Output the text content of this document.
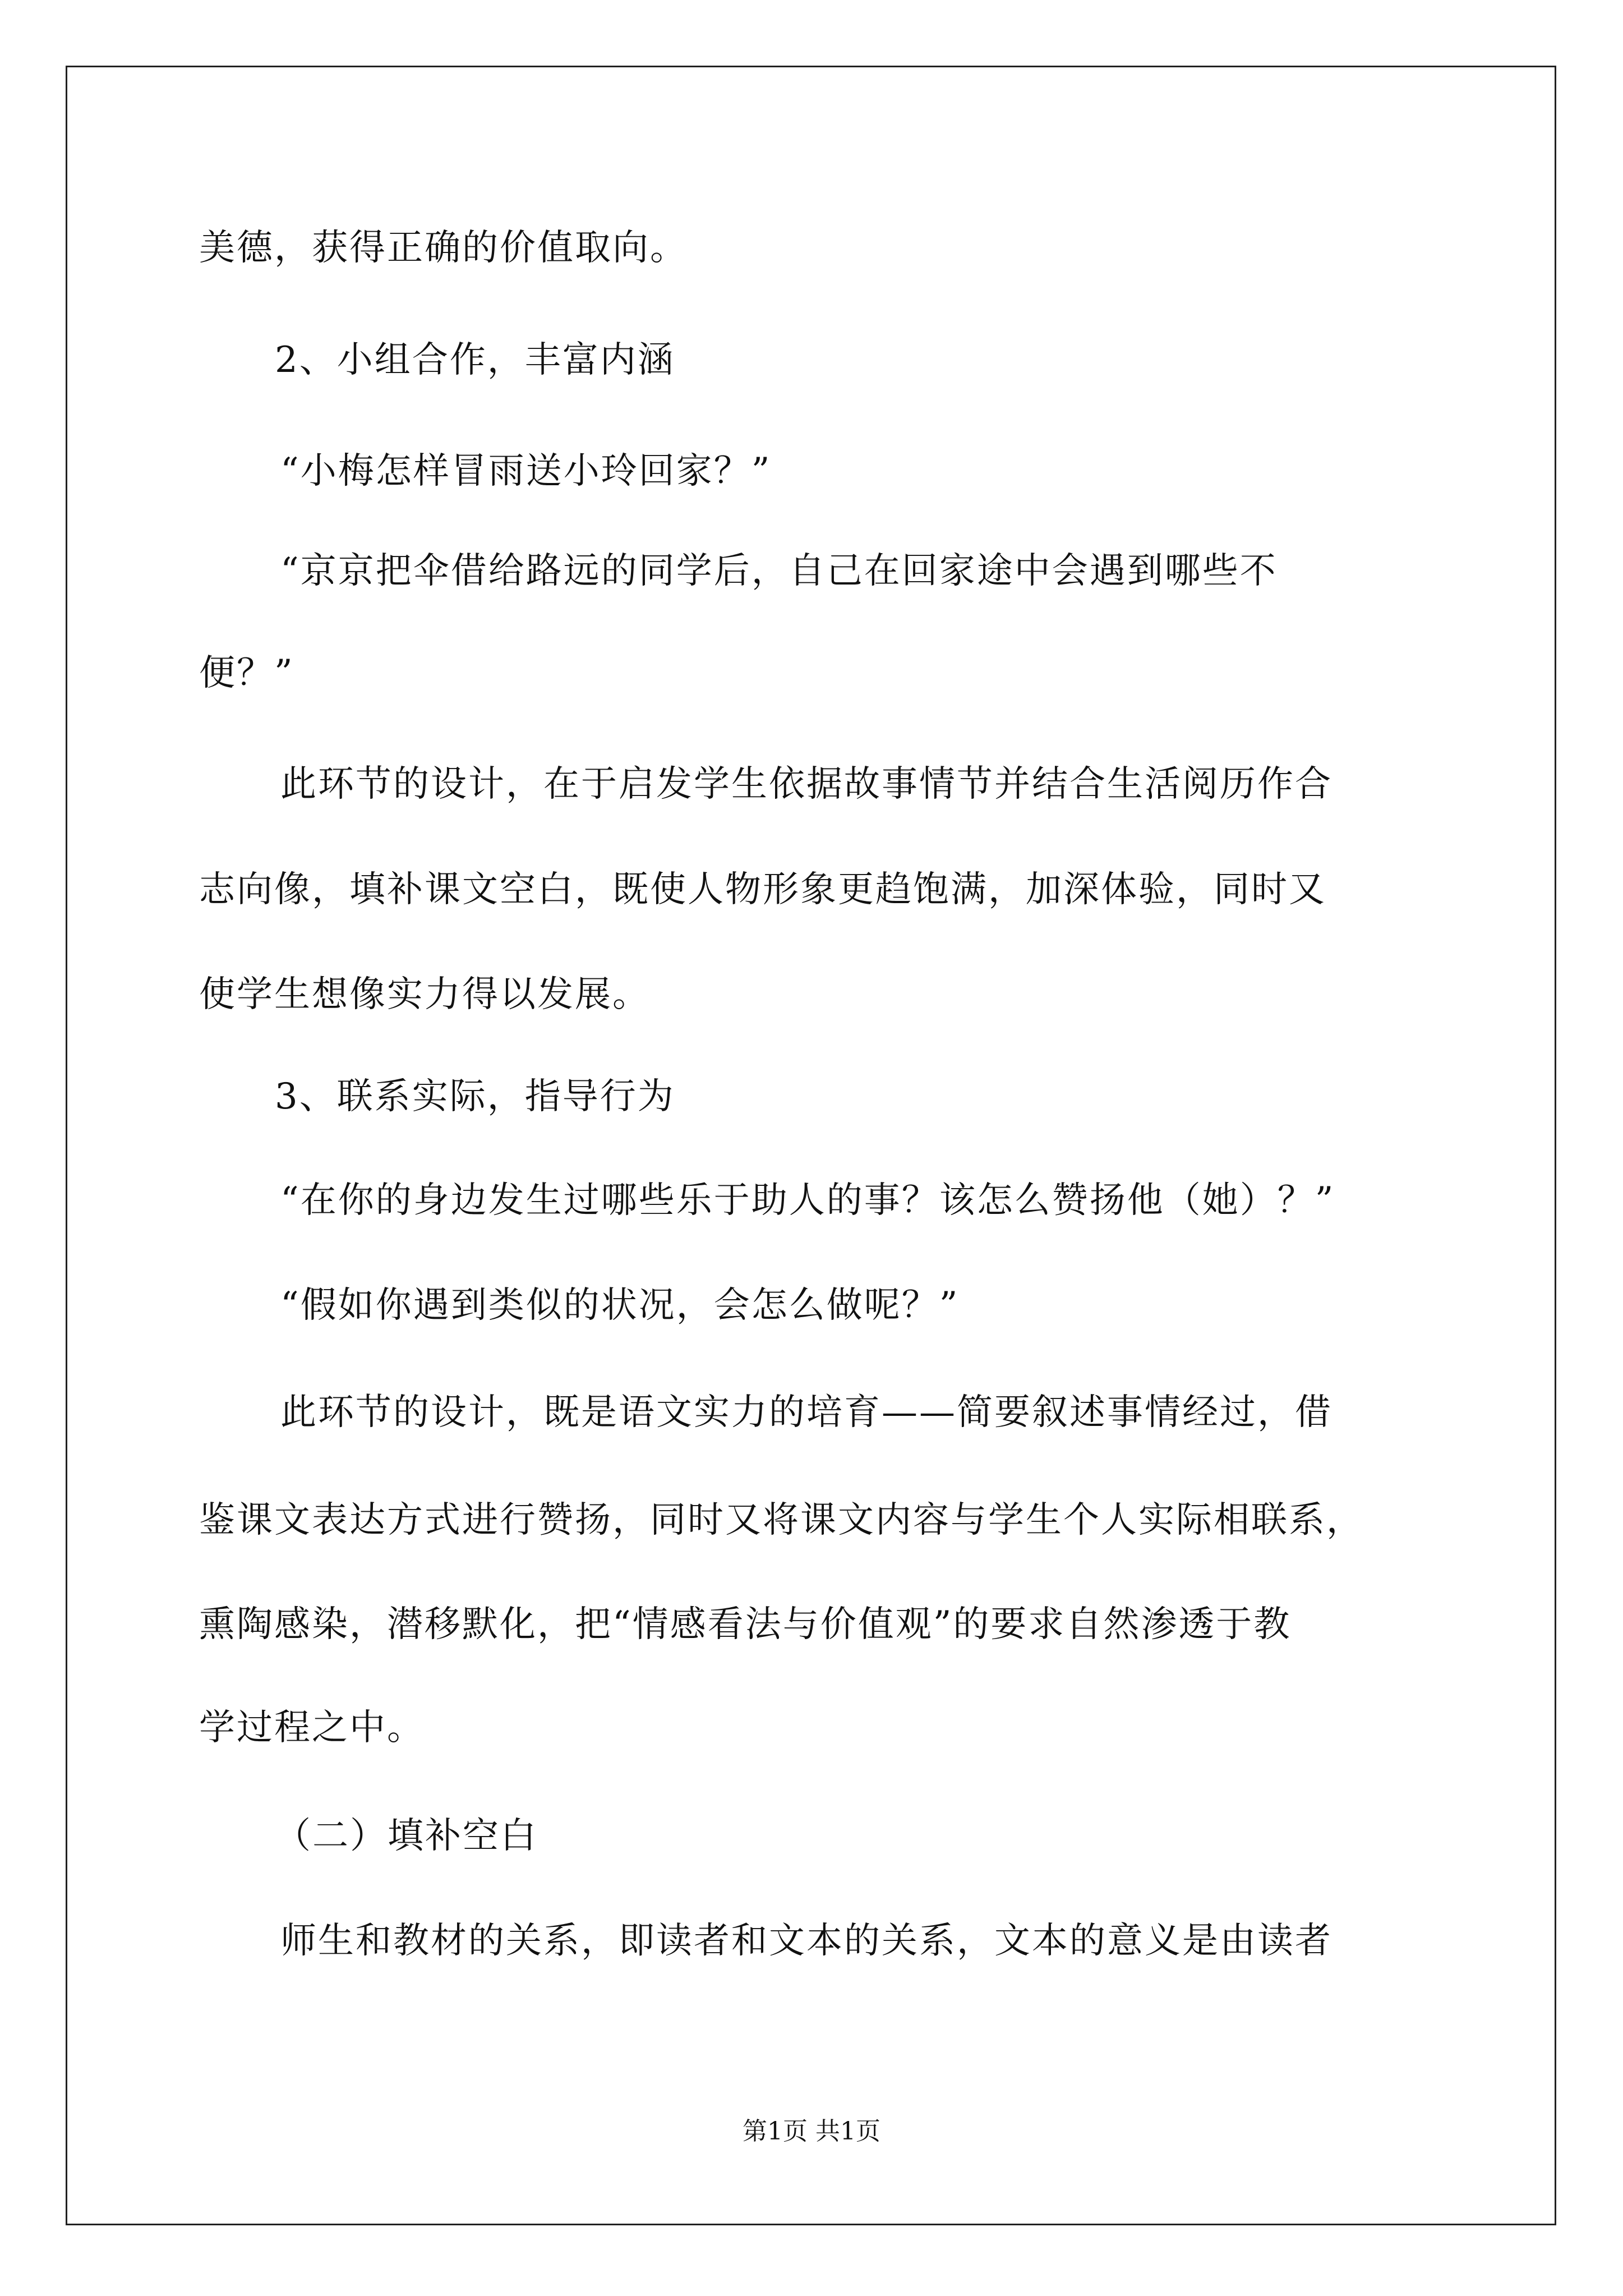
美德，获得正确的价值取向。
2、小组合作，丰富内涵
“小梅怎样冒雨送小玲回家？”
“京京把伞借给路远的同学后，自己在回家途中会遇到哪些不
便？”
此环节的设计，在于启发学生依据故事情节并结合生活阅历作合
志向像，填补课文空白，既使人物形象更趋饱满，加深体验，同时又
使学生想像实力得以发展。
3、联系实际，指导行为
“在你的身边发生过哪些乐于助人的事？该怎么赞扬他（她）？”
“假如你遇到类似的状况，会怎么做呢？”
此环节的设计，既是语文实力的培育——简要叙述事情经过，借
鉴课文表达方式进行赞扬，同时又将课文内容与学生个人实际相联系，
熏陶感染，潜移默化，把“情感看法与价值观”的要求自然渗透于教
学过程之中。
（二）填补空白
师生和教材的关系，即读者和文本的关系，文本的意义是由读者
第1页 共1页
